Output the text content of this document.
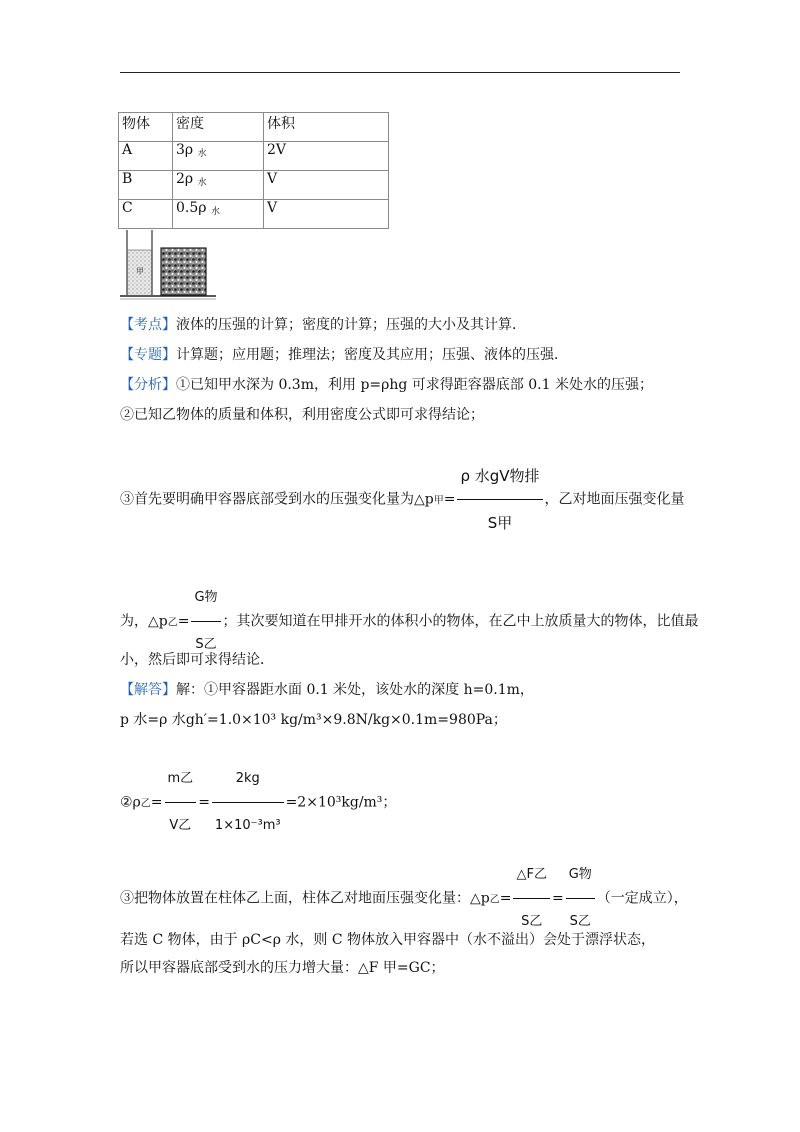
物体	密度	体积
A	3ρ $_水$	2V
B	2ρ $_水$	V
C	0.5ρ $_水$	V
甲
【考点】液体的压强的计算；密度的计算；压强的大小及其计算．
【专题】计算题；应用题；推理法；密度及其应用；压强、液体的压强．
【分析】①已知甲水深为 0.3m，利用 p=ρhg 可求得距容器底部 0.1 米处水的压强；
②已知乙物体的质量和体积，利用密度公式即可求得结论；
③首先要明确甲容器底部受到水的压强变化量为△p甲= $\frac{\text{ρ 水gV物排}}{\text{S甲}}$ ，乙对地面压强变化量
为，△p乙= $\frac{\text{G物}}{\text{S乙}}$ ；其次要知道在甲排开水的体积小的物体，在乙中上放质量大的物体，比值最
小，然后即可求得结论．
【解答】解：①甲容器距水面 0.1 米处，该处水的深度 h=0.1m，
p 水=ρ 水gh′=1.0×10³ kg/m³×9.8N/kg×0.1m=980Pa；
②ρ乙= $\frac{\text{m乙}}{\text{V乙}} = \frac{2kg}{\text{1×10⁻³m³}} =2\times 10^3kg/m^3$；
③把物体放置在柱体乙上面，柱体乙对地面压强变化量：△p乙= $\frac{\text{△F乙}}{\text{S乙}} = \frac{\text{G物}}{\text{S乙}}$ （一定成立），
若选 C 物体，由于 ρC<ρ 水，则 C 物体放入甲容器中（水不溢出）会处于漂浮状态，
所以甲容器底部受到水的压力增大量：△F 甲=GC；
